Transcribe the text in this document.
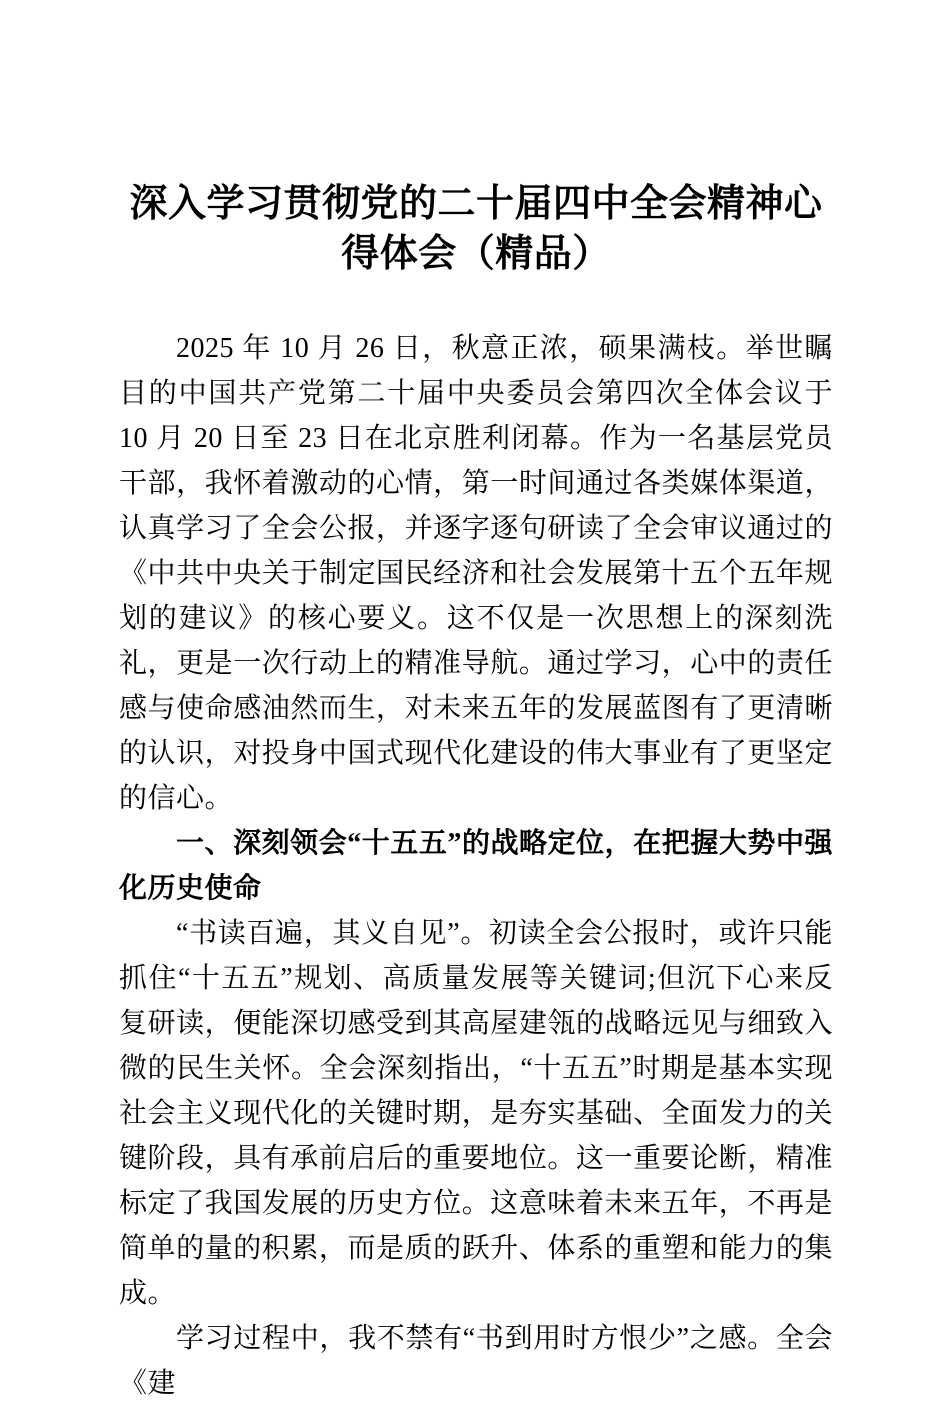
深入学习贯彻党的二十届四中全会精神心得体会（精品）

2025 年 10 月 26 日，秋意正浓，硕果满枝。举世瞩目的中国共产党第二十届中央委员会第四次全体会议于 10 月 20 日至 23 日在北京胜利闭幕。作为一名基层党员干部，我怀着激动的心情，第一时间通过各类媒体渠道，认真学习了全会公报，并逐字逐句研读了全会审议通过的《中共中央关于制定国民经济和社会发展第十五个五年规划的建议》的核心要义。这不仅是一次思想上的深刻洗礼，更是一次行动上的精准导航。通过学习，心中的责任感与使命感油然而生，对未来五年的发展蓝图有了更清晰的认识，对投身中国式现代化建设的伟大事业有了更坚定的信心。

一、深刻领会“十五五”的战略定位，在把握大势中强化历史使命

“书读百遍，其义自见”。初读全会公报时，或许只能抓住“十五五”规划、高质量发展等关键词;但沉下心来反复研读，便能深切感受到其高屋建瓴的战略远见与细致入微的民生关怀。全会深刻指出，“十五五”时期是基本实现社会主义现代化的关键时期，是夯实基础、全面发力的关键阶段，具有承前启后的重要地位。这一重要论断，精准标定了我国发展的历史方位。这意味着未来五年，不再是简单的量的积累，而是质的跃升、体系的重塑和能力的集成。

学习过程中，我不禁有“书到用时方恨少”之感。全会《建
